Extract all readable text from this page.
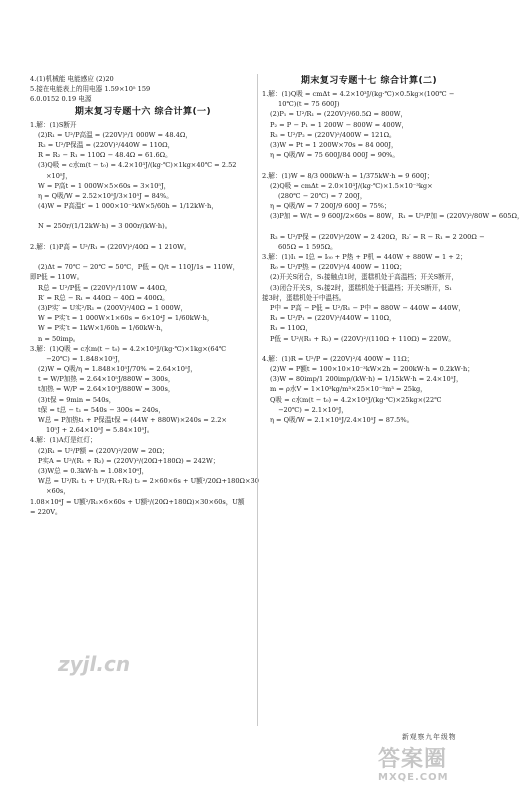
4.(1)机械能 电能感应 (2)20
5.接在电能表上的用电器 1.59×10⁵ 159
6.0.0152 0.19 电源
期末复习专题十六 综合计算(一)
1.解：(1)S断开
(2)R₁ = U²/P高温 = (220V)²/1 000W = 48.4Ω，
R₂ = U²/P保温 = (220V)²/440W = 110Ω，
R = R₂ − R₁ = 110Ω − 48.4Ω = 61.6Ω。
(3)Q吸 = c水m(t − t₀) = 4.2×10³J/(kg·℃)×1kg×40℃ = 2.52
×10⁵J，
W = P高t = 1 000W×5×60s = 3×10⁵J，
η = Q吸/W = 2.52×10⁵J/3×10⁵J = 84%。
(4)W = P高温t′ = 1 000×10⁻³kW×5/60h = 1/12kW·h，

N = 250r/(1/12kW·h) = 3 000r/(kW·h)。

2.解：(1)P高 = U²/R₁ = (220V)²/40Ω = 1 210W。

(2)Δt = 70℃ − 20℃ = 50℃，P低 = Q/t = 110J/1s = 110W，
即P低 = 110W。
R总 = U²/P低 = (220V)²/110W = 440Ω，
R′ = R总 − R₁ = 440Ω − 40Ω = 400Ω。
(3)P实′ = U实²/R₁ = (200V)²/40Ω = 1 000W，
W = P实′t = 1 000W×1×60s = 6×10⁴J = 1/60kW·h，
W = P实′t = 1kW×1/60h = 1/60kW·h，
n = 50imp。
3.解：(1)Q吸 = c水m(t − t₀) = 4.2×10³J/(kg·℃)×1kg×(64℃
−20℃) = 1.848×10⁵J，
(2)W = Q吸/η = 1.848×10⁵J/70% = 2.64×10⁵J，
t = W/P加热 = 2.64×10⁵J/880W = 300s，
t加热 = W/P = 2.64×10⁵J/880W = 300s，
(3)t保 = 9min = 540s，
t保 = t总 − t₁ = 540s − 300s = 240s，
W总 = P加热t₁ + P保温t保 = (44W + 880W)×240s = 2.2×
10⁵J + 2.64×10⁵J = 5.84×10⁵J。
4.解：(1)A灯是红灯；
(2)R₁ = U²/P额 = (220V)²/20W = 20Ω；
P实A = U²/(R₁ + R₂) = (220V)²/(20Ω+180Ω) = 242W；
(3)W总 = 0.3kW·h = 1.08×10⁶J，
W总 = U²/R₁ t₁ + U²/(R₁+R₂) t₂ = 2×60×6s + U额²/20Ω+180Ω×30
×60s，
1.08×10⁶J = U额²/R₁×6×60s + U额²/(20Ω+180Ω)×30×60s，U额
= 220V。
期末复习专题十七 综合计算(二)
1.解：(1)Q吸 = cmΔt = 4.2×10³J/(kg·℃)×0.5kg×(100℃ −
10℃)(t = 75 600J)
(2)P₁ = U²/R₁ = (220V)²/60.5Ω = 800W，
P₂ = P − P₁ = 1 200W − 800W = 400W，
R₂ = U²/P₂ = (220V)²/400W = 121Ω。
(3)W = Pt = 1 200W×70s = 84 000J，
η = Q吸/W = 75 600J/84 000J = 90%。

2.解：(1)W = 8/3 000kW·h = 1/375kW·h = 9 600J；
(2)Q吸 = cmΔt = 2.0×10³J/(kg·℃)×1.5×10⁻³kg×
(280℃ − 20℃) = 7 200J，
η = Q吸/W = 7 200J/9 600J = 75%；
(3)P加 = W/t = 9 600J/2×60s = 80W，R₁ = U²/P加 = (220V)²/80W = 605Ω，

R₂ = U²/P保 = (220V)²/20W = 2 420Ω，R₂′ = R − R₁ = 2 200Ω −
605Ω = 1 595Ω。
3.解：(1)I₁ = I总 = I₀₀ + P热 + P机 = 440W + 880W = 1 + 2；
R₀ = U²/P热 = (220V)²/4 400W = 110Ω；
(2)开关S闭合，S₁接触点1时，蛋糕机处于高温档；开关S断开，
(3)闭合开关S，S₁接2时，蛋糕机处于低温档；开关S断开，S₁
接3时，蛋糕机处于中温档。
P中 = P高 − P低 = U²/R₁ − P中 = 880W − 440W = 440W，
R₁ = U²/P₁ = (220V)²/440W = 110Ω，
R₁ = 110Ω，
P低 = U²/(R₁ + R₂) = (220V)²/(110Ω + 110Ω) = 220W。

4.解：(1)R = U²/P = (220V)²/4 400W = 11Ω；
(2)W = P额t = 100×10×10⁻³kW×2h = 200kW·h = 0.2kW·h；
(3)W = 80imp/1 200imp/(kW·h) = 1/15kW·h = 2.4×10⁵J，
m = ρ水V = 1×10³kg/m³×25×10⁻³m³ = 25kg，
Q吸 = c水m(t − t₀) = 4.2×10³J/(kg·℃)×25kg×(22℃
−20℃) = 2.1×10⁵J，
η = Q吸/W = 2.1×10⁵J/2.4×10⁵J = 87.5%。
zyjl.cn
新观察九年级物
答案圈
MXQE.COM
